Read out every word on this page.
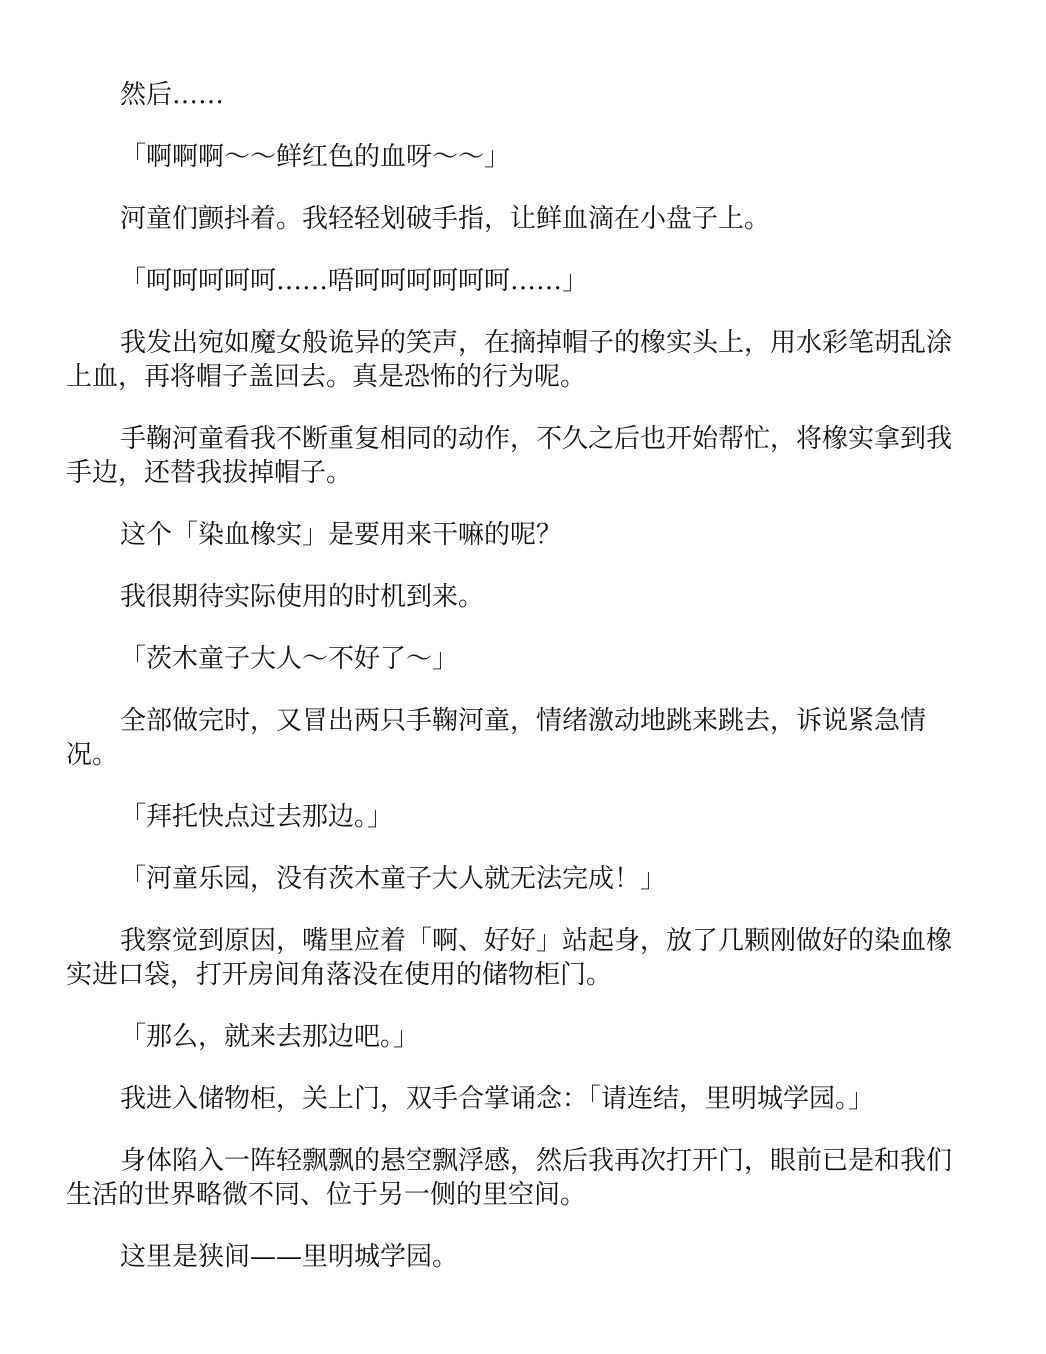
然后……

「啊啊啊～～鲜红色的血呀～～」

河童们颤抖着。我轻轻划破手指，让鲜血滴在小盘子上。

「呵呵呵呵呵……唔呵呵呵呵呵呵……」

我发出宛如魔女般诡异的笑声，在摘掉帽子的橡实头上，用水彩笔胡乱涂上血，再将帽子盖回去。真是恐怖的行为呢。

手鞠河童看我不断重复相同的动作，不久之后也开始帮忙，将橡实拿到我手边，还替我拔掉帽子。

这个「染血橡实」是要用来干嘛的呢？

我很期待实际使用的时机到来。

「茨木童子大人～不好了～」

全部做完时，又冒出两只手鞠河童，情绪激动地跳来跳去，诉说紧急情况。

「拜托快点过去那边。」

「河童乐园，没有茨木童子大人就无法完成！」

我察觉到原因，嘴里应着「啊、好好」站起身，放了几颗刚做好的染血橡实进口袋，打开房间角落没在使用的储物柜门。

「那么，就来去那边吧。」

我进入储物柜，关上门，双手合掌诵念：「请连结，里明城学园。」

身体陷入一阵轻飘飘的悬空飘浮感，然后我再次打开门，眼前已是和我们生活的世界略微不同、位于另一侧的里空间。

这里是狭间——里明城学园。
